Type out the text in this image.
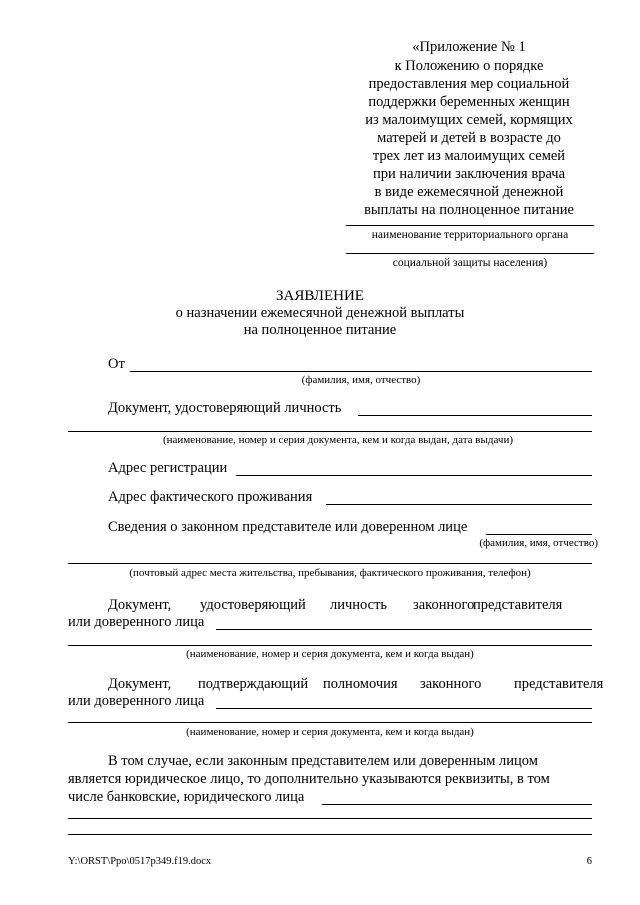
«Приложение № 1
к Положению о порядке
предоставления мер социальной
поддержки беременных женщин
из малоимущих семей, кормящих
матерей и детей в возрасте до
трех лет из малоимущих семей
при наличии заключения врача
в виде ежемесячной денежной
выплаты на полноценное питание
наименование территориального органа
социальной защиты населения)
ЗАЯВЛЕНИЕ
о назначении ежемесячной денежной выплаты
на полноценное питание
От
(фамилия, имя, отчество)
Документ, удостоверяющий личность
(наименование, номер и серия документа, кем и когда выдан, дата выдачи)
Адрес регистрации
Адрес фактического проживания
Сведения о законном представителе или доверенном лице
(фамилия, имя, отчество)
(почтовый адрес места жительства, пребывания, фактического проживания, телефон)
Документ, удостоверяющий личность законного
представителя
или доверенного лица
(наименование, номер и серия документа, кем и когда выдан)
Документ, подтверждающий полномочия законного представителя
или доверенного лица
(наименование, номер и серия документа, кем и когда выдан)
В том случае, если законным представителем или доверенным лицом
является юридическое лицо, то дополнительно указываются реквизиты, в том
числе банковские, юридического лица
Y:\ORST\Ppo\0517p349.f19.docx	6
